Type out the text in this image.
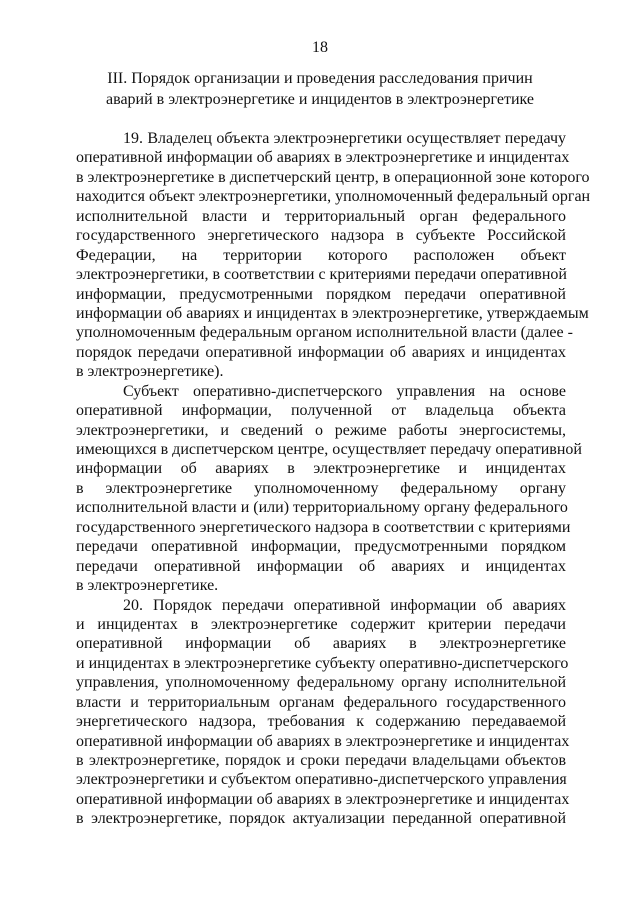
18
III. Порядок организации и проведения расследования причин
аварий в электроэнергетике и инцидентов в электроэнергетике
19. Владелец объекта электроэнергетики осуществляет передачу
оперативной информации об авариях в электроэнергетике и инцидентах
в электроэнергетике в диспетчерский центр, в операционной зоне которого
находится объект электроэнергетики, уполномоченный федеральный орган
исполнительной власти и территориальный орган федерального
государственного энергетического надзора в субъекте Российской
Федерации, на территории которого расположен объект
электроэнергетики, в соответствии с критериями передачи оперативной
информации, предусмотренными порядком передачи оперативной
информации об авариях и инцидентах в электроэнергетике, утверждаемым
уполномоченным федеральным органом исполнительной власти (далее -
порядок передачи оперативной информации об авариях и инцидентах
в электроэнергетике).
Субъект оперативно-диспетчерского управления на основе
оперативной информации, полученной от владельца объекта
электроэнергетики, и сведений о режиме работы энергосистемы,
имеющихся в диспетчерском центре, осуществляет передачу оперативной
информации об авариях в электроэнергетике и инцидентах
в электроэнергетике уполномоченному федеральному органу
исполнительной власти и (или) территориальному органу федерального
государственного энергетического надзора в соответствии с критериями
передачи оперативной информации, предусмотренными порядком
передачи оперативной информации об авариях и инцидентах
в электроэнергетике.
20. Порядок передачи оперативной информации об авариях
и инцидентах в электроэнергетике содержит критерии передачи
оперативной информации об авариях в электроэнергетике
и инцидентах в электроэнергетике субъекту оперативно-диспетчерского
управления, уполномоченному федеральному органу исполнительной
власти и территориальным органам федерального государственного
энергетического надзора, требования к содержанию передаваемой
оперативной информации об авариях в электроэнергетике и инцидентах
в электроэнергетике, порядок и сроки передачи владельцами объектов
электроэнергетики и субъектом оперативно-диспетчерского управления
оперативной информации об авариях в электроэнергетике и инцидентах
в электроэнергетике, порядок актуализации переданной оперативной
